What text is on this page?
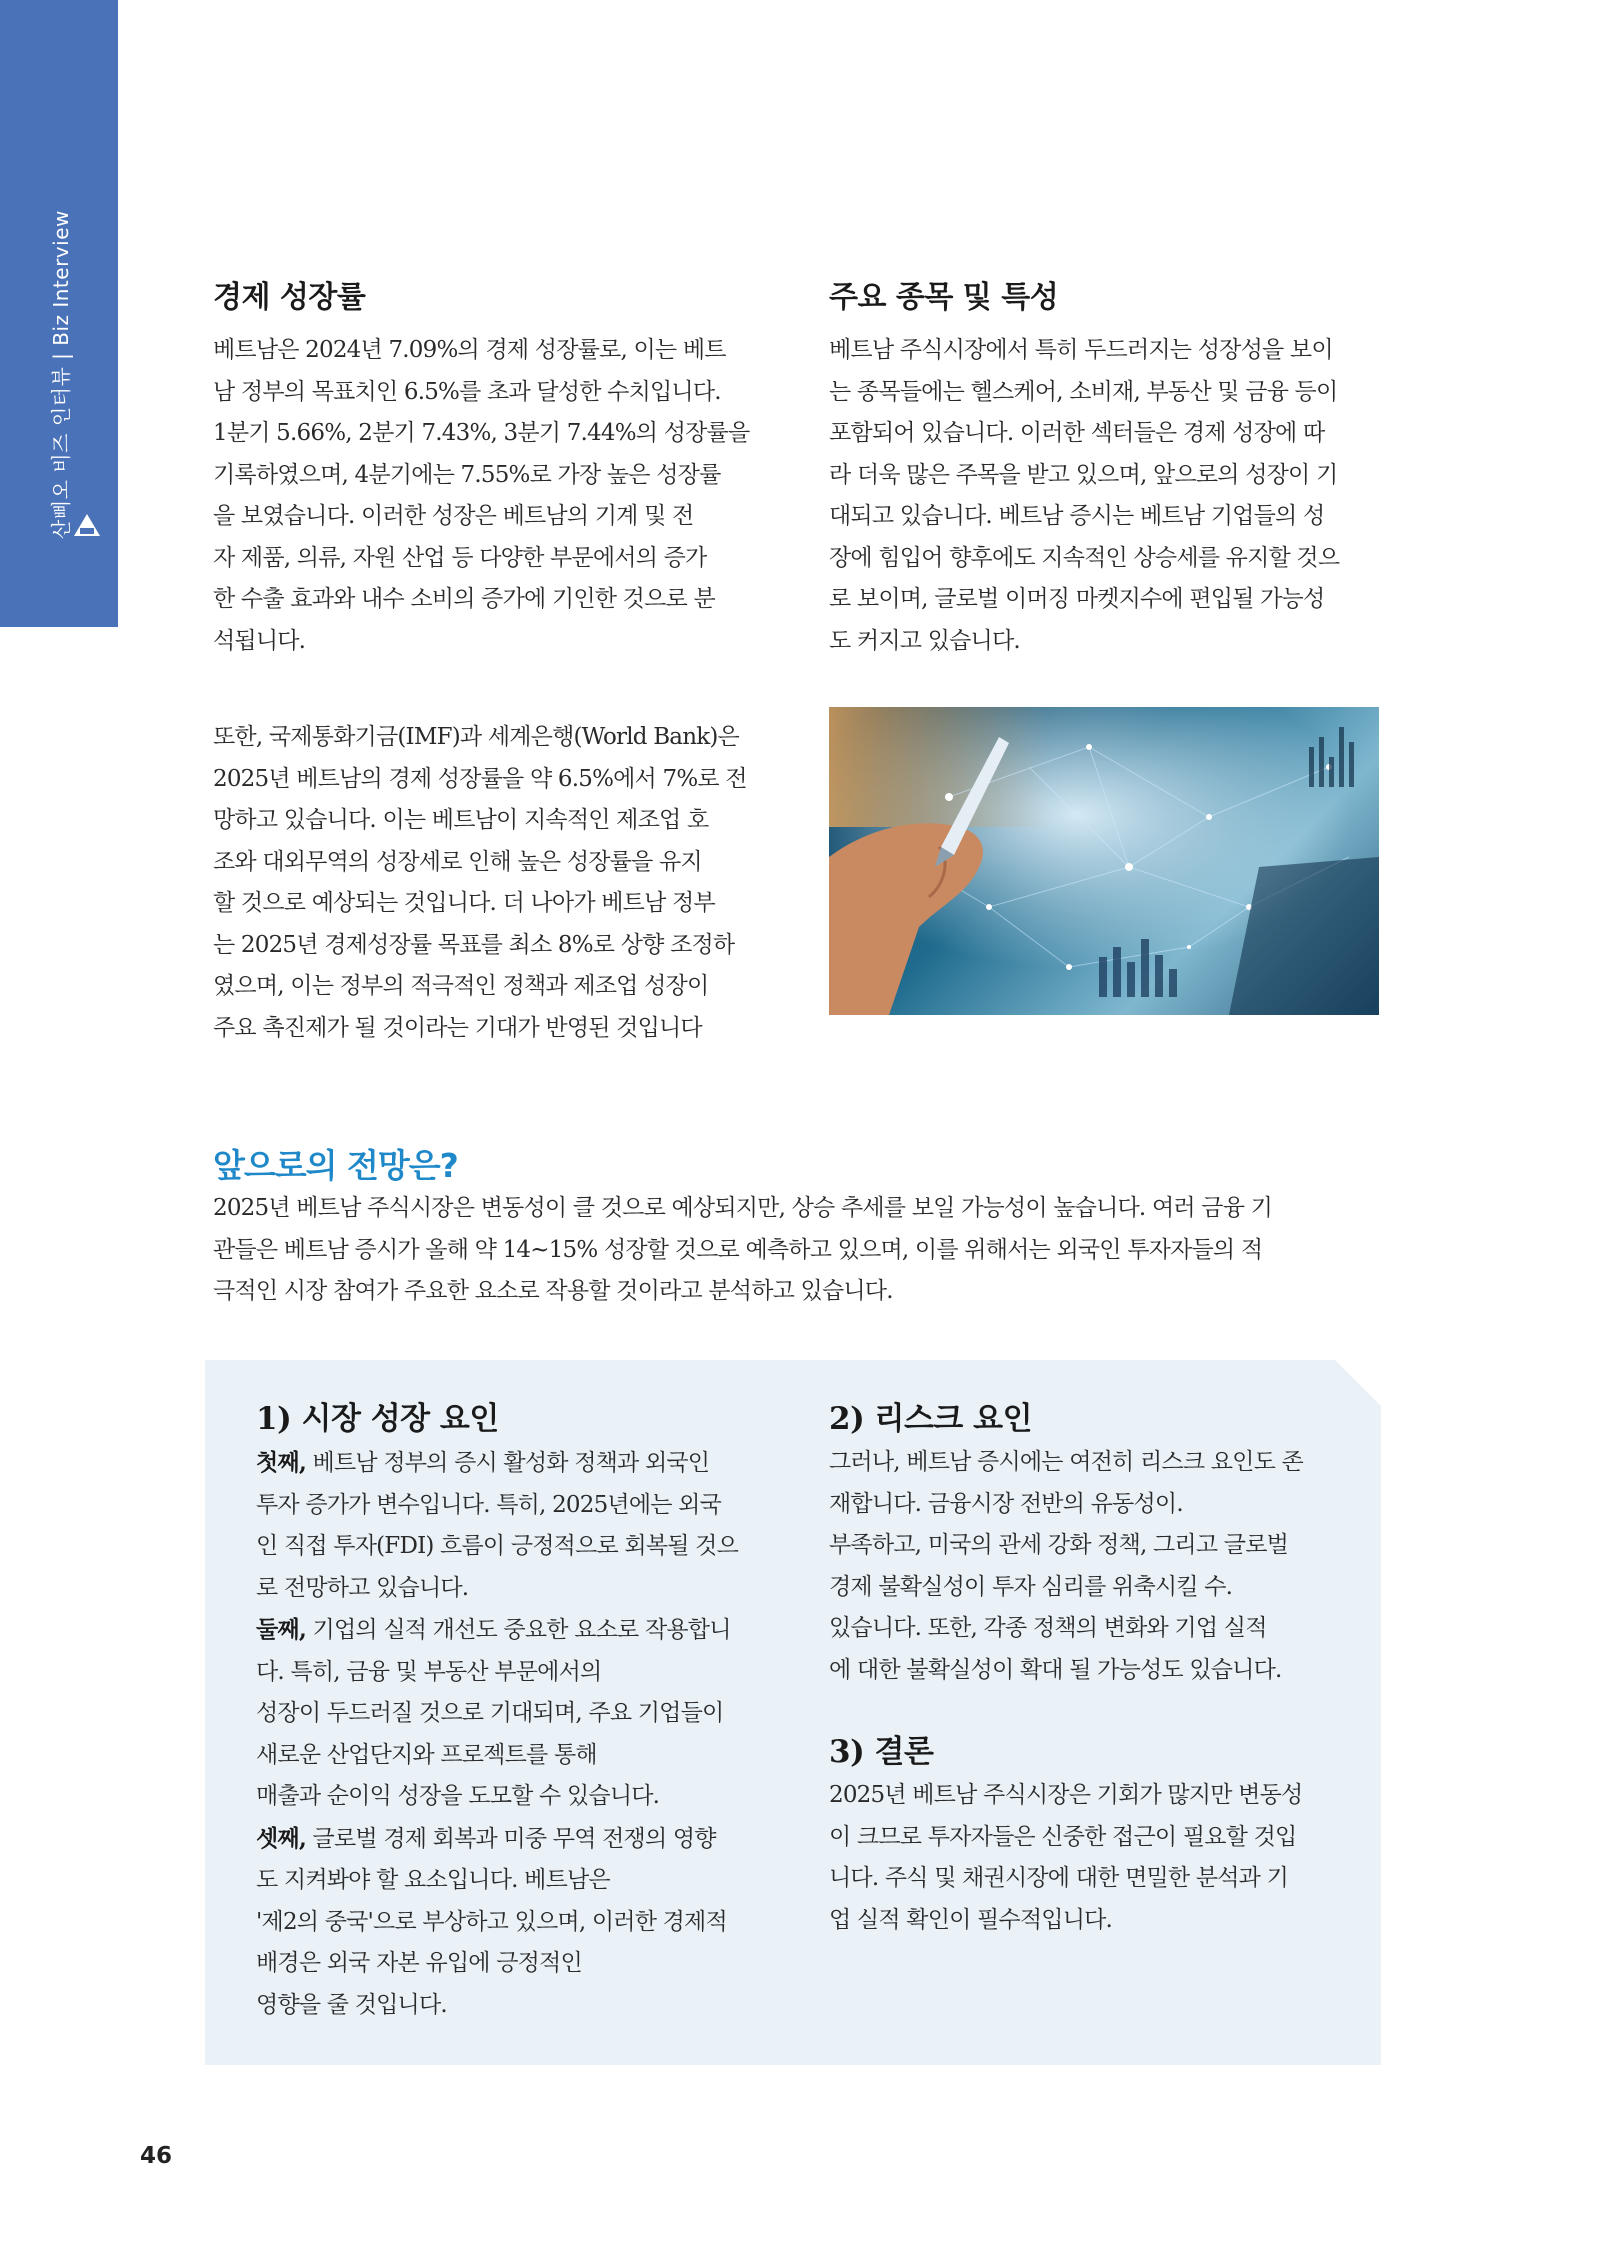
산삐오 비즈 인터뷰 | Biz Interview	경제 성장률
베트남은 2024년 7.09%의 경제 성장률로, 이는 베트
남 정부의 목표치인 6.5%를 초과 달성한 수치입니다.
1분기 5.66%, 2분기 7.43%, 3분기 7.44%의 성장률을
기록하였으며, 4분기에는 7.55%로 가장 높은 성장률
을 보였습니다. 이러한 성장은 베트남의 기계 및 전
자 제품, 의류, 자원 산업 등 다양한 부문에서의 증가
한 수출 효과와 내수 소비의 증가에 기인한 것으로 분
석됩니다.
또한, 국제통화기금(IMF)과 세계은행(World Bank)은
2025년 베트남의 경제 성장률을 약 6.5%에서 7%로 전
망하고 있습니다. 이는 베트남이 지속적인 제조업 호
조와 대외무역의 성장세로 인해 높은 성장률을 유지
할 것으로 예상되는 것입니다. 더 나아가 베트남 정부
는 2025년 경제성장률 목표를 최소 8%로 상향 조정하
였으며, 이는 정부의 적극적인 정책과 제조업 성장이
주요 촉진제가 될 것이라는 기대가 반영된 것입니다
주요 종목 및 특성
베트남 주식시장에서 특히 두드러지는 성장성을 보이
는 종목들에는 헬스케어, 소비재, 부동산 및 금융 등이
포함되어 있습니다. 이러한 섹터들은 경제 성장에 따
라 더욱 많은 주목을 받고 있으며, 앞으로의 성장이 기
대되고 있습니다. 베트남 증시는 베트남 기업들의 성
장에 힘입어 향후에도 지속적인 상승세를 유지할 것으
로 보이며, 글로벌 이머징 마켓지수에 편입될 가능성
도 커지고 있습니다.
앞으로의 전망은?
2025년 베트남 주식시장은 변동성이 클 것으로 예상되지만, 상승 추세를 보일 가능성이 높습니다. 여러 금융 기
관들은 베트남 증시가 올해 약 14~15% 성장할 것으로 예측하고 있으며, 이를 위해서는 외국인 투자자들의 적
극적인 시장 참여가 주요한 요소로 작용할 것이라고 분석하고 있습니다.
1) 시장 성장 요인
첫째, 베트남 정부의 증시 활성화 정책과 외국인
투자 증가가 변수입니다. 특히, 2025년에는 외국
인 직접 투자(FDI) 흐름이 긍정적으로 회복될 것으
로 전망하고 있습니다.
둘째, 기업의 실적 개선도 중요한 요소로 작용합니
다. 특히, 금융 및 부동산 부문에서의
성장이 두드러질 것으로 기대되며, 주요 기업들이
새로운 산업단지와 프로젝트를 통해
매출과 순이익 성장을 도모할 수 있습니다.
셋째, 글로벌 경제 회복과 미중 무역 전쟁의 영향
도 지켜봐야 할 요소입니다. 베트남은
'제2의 중국'으로 부상하고 있으며, 이러한 경제적
배경은 외국 자본 유입에 긍정적인
영향을 줄 것입니다.
2) 리스크 요인
그러나, 베트남 증시에는 여전히 리스크 요인도 존
재합니다. 금융시장 전반의 유동성이.
부족하고, 미국의 관세 강화 정책, 그리고 글로벌
경제 불확실성이 투자 심리를 위축시킬 수.
있습니다. 또한, 각종 정책의 변화와 기업 실적
에 대한 불확실성이 확대 될 가능성도 있습니다.
3) 결론
2025년 베트남 주식시장은 기회가 많지만 변동성
이 크므로 투자자들은 신중한 접근이 필요할 것입
니다. 주식 및 채권시장에 대한 면밀한 분석과 기
업 실적 확인이 필수적입니다.
46
